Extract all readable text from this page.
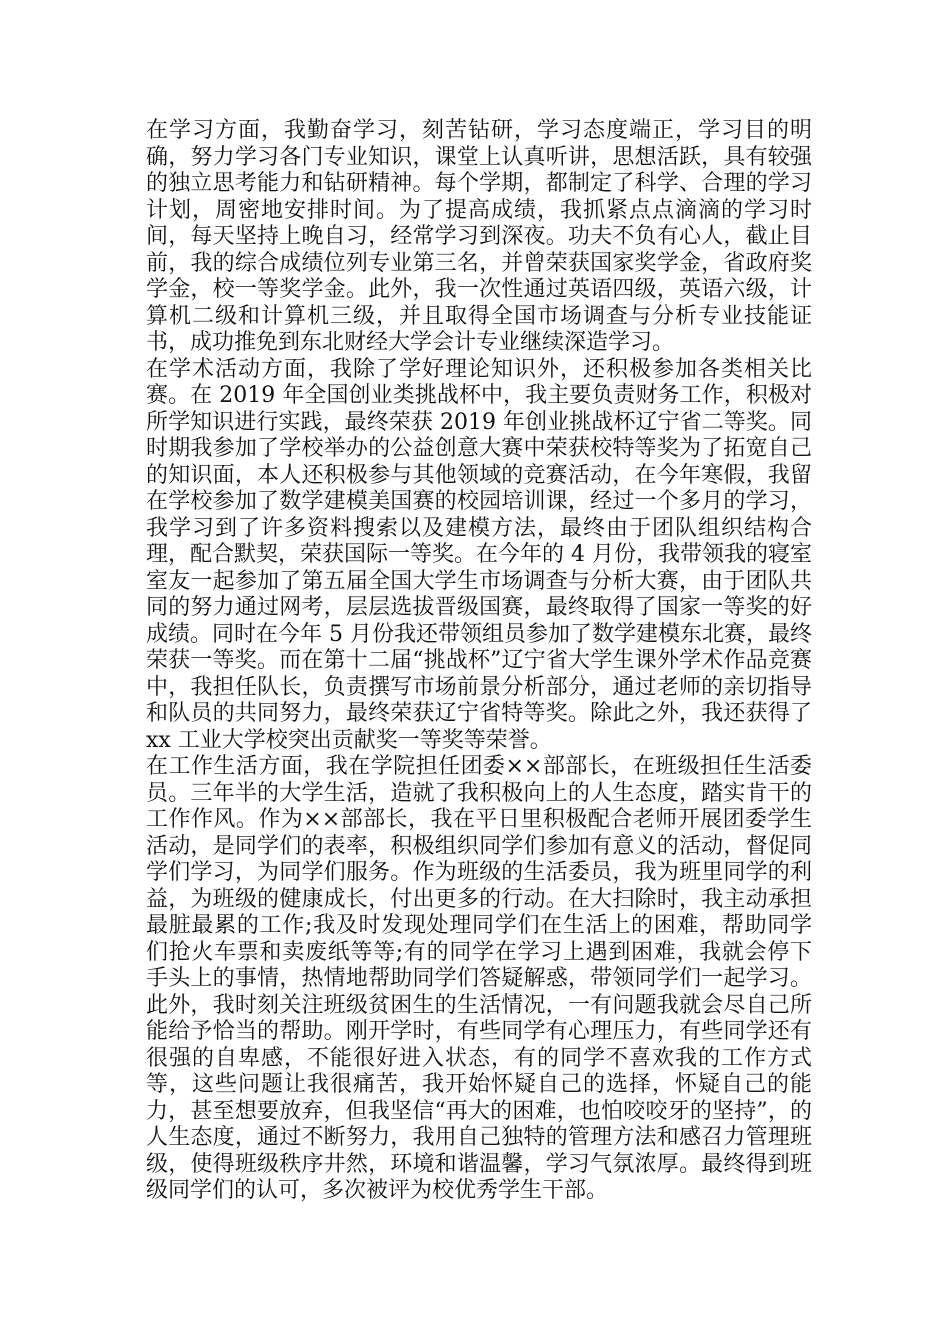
在学习方面，我勤奋学习，刻苦钻研，学习态度端正，学习目的明确，努力学习各门专业知识，课堂上认真听讲，思想活跃，具有较强的独立思考能力和钻研精神。每个学期，都制定了科学、合理的学习计划，周密地安排时间。为了提高成绩，我抓紧点点滴滴的学习时间，每天坚持上晚自习，经常学习到深夜。功夫不负有心人，截止目前，我的综合成绩位列专业第三名，并曾荣获国家奖学金，省政府奖学金，校一等奖学金。此外，我一次性通过英语四级，英语六级，计算机二级和计算机三级，并且取得全国市场调查与分析专业技能证书，成功推免到东北财经大学会计专业继续深造学习。

在学术活动方面，我除了学好理论知识外，还积极参加各类相关比赛。在 2019 年全国创业类挑战杯中，我主要负责财务工作，积极对所学知识进行实践，最终荣获 2019 年创业挑战杯辽宁省二等奖。同时期我参加了学校举办的公益创意大赛中荣获校特等奖为了拓宽自己的知识面，本人还积极参与其他领域的竞赛活动，在今年寒假，我留在学校参加了数学建模美国赛的校园培训课，经过一个多月的学习，我学习到了许多资料搜索以及建模方法，最终由于团队组织结构合理，配合默契，荣获国际一等奖。在今年的 4 月份，我带领我的寝室室友一起参加了第五届全国大学生市场调查与分析大赛，由于团队共同的努力通过网考，层层选拔晋级国赛，最终取得了国家一等奖的好成绩。同时在今年 5 月份我还带领组员参加了数学建模东北赛，最终荣获一等奖。而在第十二届“挑战杯”辽宁省大学生课外学术作品竞赛中，我担任队长，负责撰写市场前景分析部分，通过老师的亲切指导和队员的共同努力，最终荣获辽宁省特等奖。除此之外，我还获得了 xx 工业大学校突出贡献奖一等奖等荣誉。

在工作生活方面，我在学院担任团委××部部长，在班级担任生活委员。三年半的大学生活，造就了我积极向上的人生态度，踏实肯干的工作作风。作为××部部长，我在平日里积极配合老师开展团委学生活动，是同学们的表率，积极组织同学们参加有意义的活动，督促同学们学习，为同学们服务。作为班级的生活委员，我为班里同学的利益，为班级的健康成长，付出更多的行动。在大扫除时，我主动承担最脏最累的工作;我及时发现处理同学们在生活上的困难，帮助同学们抢火车票和卖废纸等等;有的同学在学习上遇到困难，我就会停下手头上的事情，热情地帮助同学们答疑解惑，带领同学们一起学习。此外，我时刻关注班级贫困生的生活情况，一有问题我就会尽自己所能给予恰当的帮助。刚开学时，有些同学有心理压力，有些同学还有很强的自卑感，不能很好进入状态，有的同学不喜欢我的工作方式等，这些问题让我很痛苦，我开始怀疑自己的选择，怀疑自己的能力，甚至想要放弃，但我坚信“再大的困难，也怕咬咬牙的坚持”，的人生态度，通过不断努力，我用自己独特的管理方法和感召力管理班级，使得班级秩序井然，环境和谐温馨，学习气氛浓厚。最终得到班级同学们的认可，多次被评为校优秀学生干部。
